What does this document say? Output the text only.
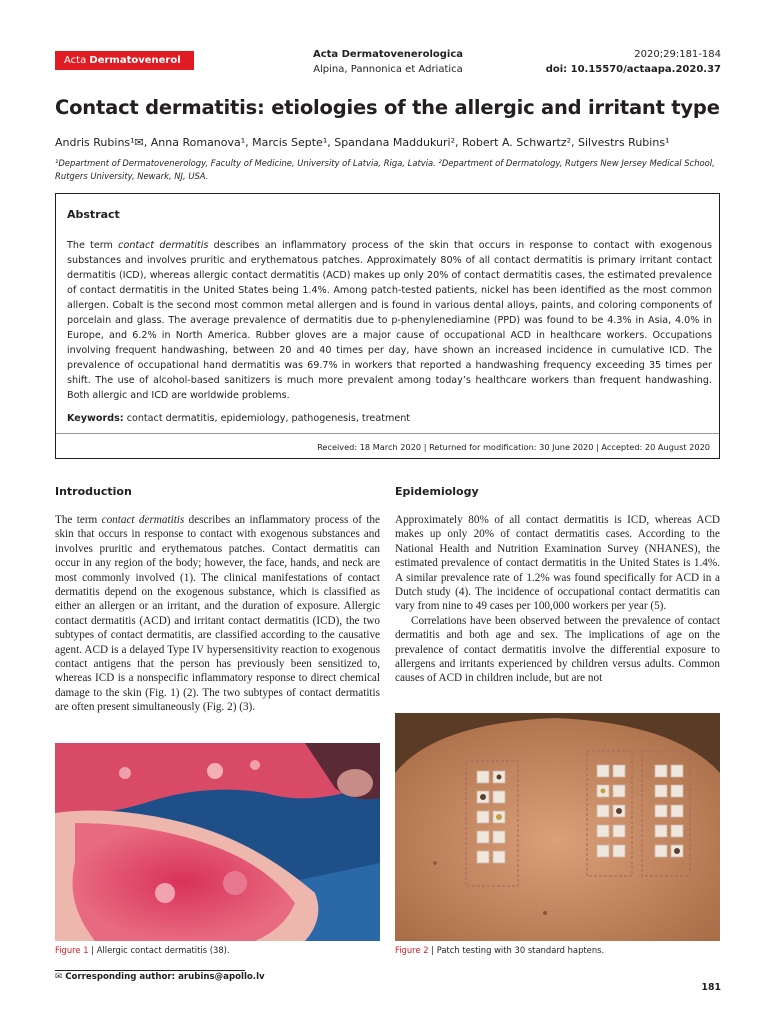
Acta Dermatovenerol APA
Acta Dermatovenerologica
Alpina, Pannonica et Adriatica
2020;29:181-184
doi: 10.15570/actaapa.2020.37
Contact dermatitis: etiologies of the allergic and irritant type
Andris Rubins¹✉, Anna Romanova¹, Marcis Septe¹, Spandana Maddukuri², Robert A. Schwartz², Silvestrs Rubins¹
¹Department of Dermatovenerology, Faculty of Medicine, University of Latvia, Riga, Latvia. ²Department of Dermatology, Rutgers New Jersey Medical School, Rutgers University, Newark, NJ, USA.
Abstract
The term contact dermatitis describes an inflammatory process of the skin that occurs in response to contact with exogenous substances and involves pruritic and erythematous patches. Approximately 80% of all contact dermatitis is primary irritant contact dermatitis (ICD), whereas allergic contact dermatitis (ACD) makes up only 20% of contact dermatitis cases, the estimated prevalence of contact dermatitis in the United States being 1.4%. Among patch-tested patients, nickel has been identified as the most common allergen. Cobalt is the second most common metal allergen and is found in various dental alloys, paints, and coloring components of porcelain and glass. The average prevalence of dermatitis due to p-phenylenediamine (PPD) was found to be 4.3% in Asia, 4.0% in Europe, and 6.2% in North America. Rubber gloves are a major cause of occupational ACD in healthcare workers. Occupations involving frequent handwashing, between 20 and 40 times per day, have shown an increased incidence in cumulative ICD. The prevalence of occupational hand dermatitis was 69.7% in workers that reported a handwashing frequency exceeding 35 times per shift. The use of alcohol-based sanitizers is much more prevalent among today’s healthcare workers than frequent handwashing. Both allergic and ICD are worldwide problems.
Keywords: contact dermatitis, epidemiology, pathogenesis, treatment
Received: 18 March 2020 | Returned for modification: 30 June 2020 | Accepted: 20 August 2020
Introduction

The term contact dermatitis describes an inflammatory process of the skin that occurs in response to contact with exogenous substances and involves pruritic and erythematous patches. Contact dermatitis can occur in any region of the body; however, the face, hands, and neck are most commonly involved (1). The clinical manifestations of contact dermatitis depend on the exogenous substance, which is classified as either an allergen or an irritant, and the duration of exposure. Allergic contact dermatitis (ACD) and irritant contact dermatitis (ICD), the two subtypes of contact dermatitis, are classified according to the causative agent. ACD is a delayed Type IV hypersensitivity reaction to exogenous contact antigens that the person has previously been sensitized to, whereas ICD is a nonspecific inflammatory response to direct chemical damage to the skin (Fig. 1) (2). The two subtypes of contact dermatitis are often present simultaneously (Fig. 2) (3).

Figure 1 | Allergic contact dermatitis (38).
Epidemiology

Approximately 80% of all contact dermatitis is ICD, whereas ACD makes up only 20% of contact dermatitis cases. According to the National Health and Nutrition Examination Survey (NHANES), the estimated prevalence of contact dermatitis in the United States is 1.4%. A similar prevalence rate of 1.2% was found specifically for ACD in a Dutch study (4). The incidence of occupational contact dermatitis can vary from nine to 49 cases per 100,000 workers per year (5).

Correlations have been observed between the prevalence of contact dermatitis and both age and sex. The implications of age on the prevalence of contact dermatitis involve the differential exposure to allergens and irritants experienced by children versus adults. Common causes of ACD in children include, but are not

Figure 2 | Patch testing with 30 standard haptens.
✉ Corresponding author: arubins@apollo.lv
181
